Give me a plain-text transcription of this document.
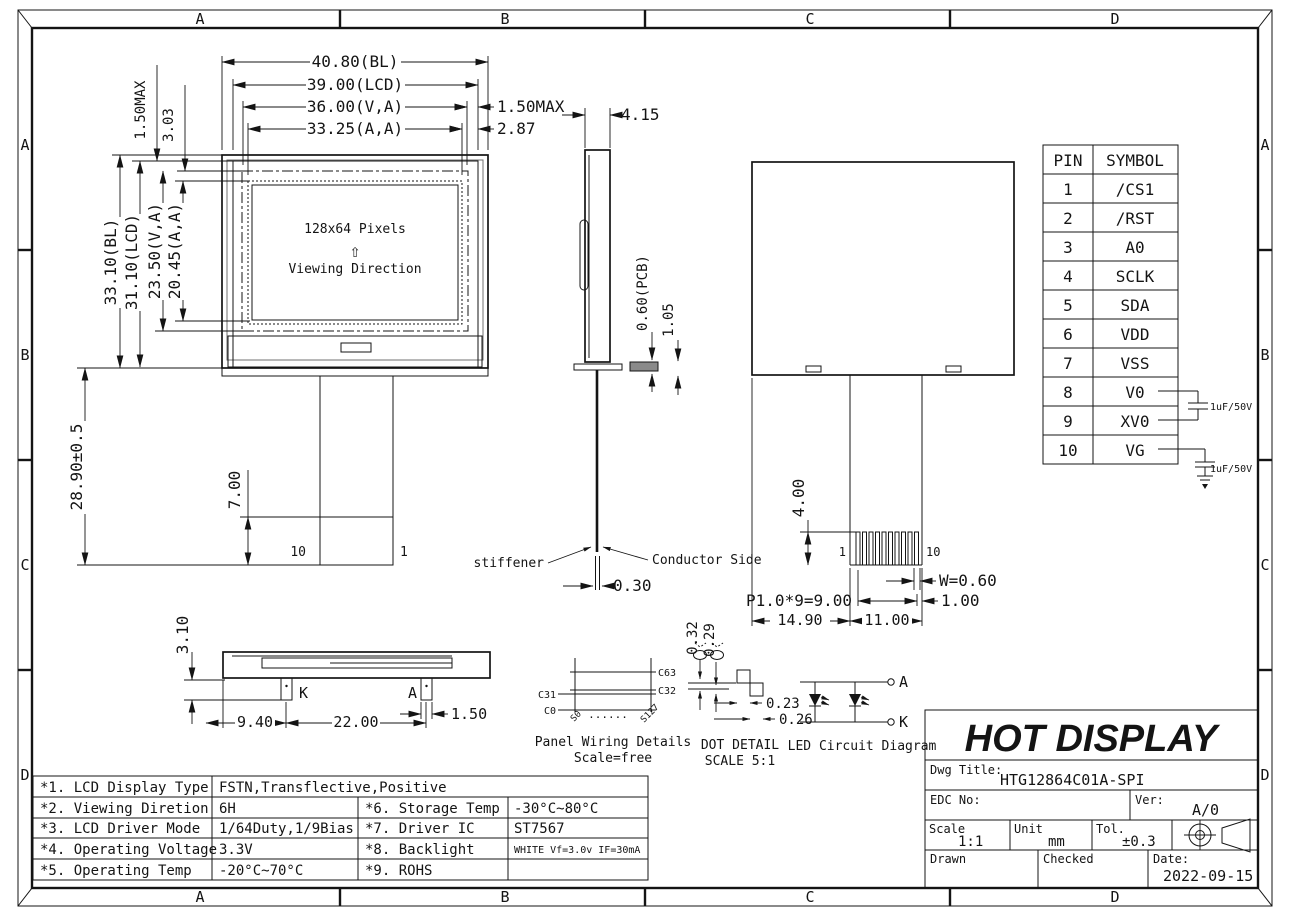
A	B	C	D
A	B	C	D
A
B
C
D
A
B
C
D
128x64 Pixels
⇧
Viewing Direction
10	1
40.80(BL)
39.00(LCD)
36.00(V,A)
33.25(A,A)
1.50MAX
2.87
1.50MAX 3.03
33.10(BL) 31.10(LCD) 23.50(V,A) 20.45(A,A)
28.90±0.5	7.00
4.15
0.60(PCB) 1.05
stiffener	Conductor Side
0.30
1	10
4.00
W=0.60
P1.0*9=9.00	1.00
14.90	11.00
PIN SYMBOL
1	/CS1
2	/RST
3	A0
4	SCLK
5	SDA
6	VDD
7	VSS
8	V0
9	XV0
10	VG
1uF/50V
1uF/50V
K	A
3.10
9.40	22.00	1.50
C63
C32
C31
C0 S0	S127
......
Panel Wiring Details
Scale=free
0.32 0.29
0.23
0.26
DOT DETAIL
SCALE 5:1
A
K
LED Circuit Diagram HOT DISPLAY
Dwg Title:
HTG12864C01A-SPI
EDC No:	Ver:
A/0
Scale
1:1
Unit
mm
Tol.
±0.3
Drawn	Checked	Date:
2022-09-15
*1. LCD Display Type FSTN,Transflective,Positive
*2. Viewing Diretion 6H	*6. Storage Temp -30°C~80°C
*3. LCD Driver Mode 1/64Duty,1/9Bias *7. Driver IC	ST7567
*4. Operating Voltage 3.3V	*8. Backlight	WHITE Vf=3.0v IF=30mA
*5. Operating Temp -20°C~70°C	*9. ROHS
